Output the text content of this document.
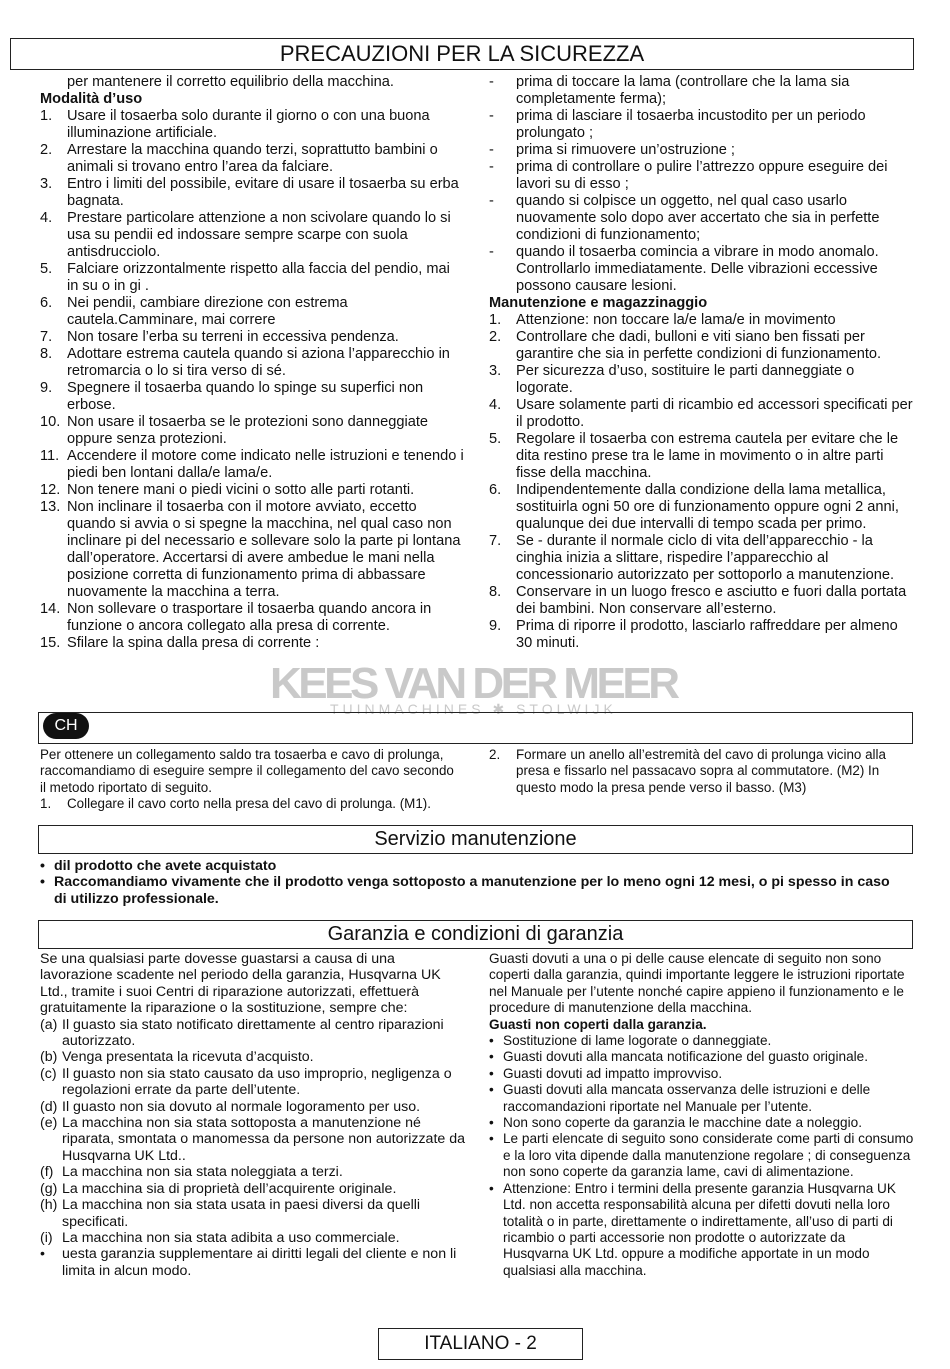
PRECAUZIONI PER LA SICUREZZA

per mantenere il corretto equilibrio della macchina.

Modalità d’uso

1.	Usare il tosaerba solo durante il giorno o con una buona illuminazione artificiale.
2.	Arrestare la macchina quando terzi, soprattutto bambini o animali si trovano entro l’area da falciare.
3.	Entro i limiti del possibile, evitare di usare il tosaerba su erba bagnata.
4.	Prestare particolare attenzione a non scivolare quando lo si usa su pendii ed indossare sempre scarpe con suola antisdrucciolo.
5.	Falciare orizzontalmente rispetto alla faccia del pendio, mai in su o in gi .
6.	Nei pendii, cambiare direzione con estrema cautela.Camminare, mai correre
7.	Non tosare l’erba su terreni in eccessiva pendenza.
8.	Adottare estrema cautela quando si aziona l’apparecchio in retromarcia o lo si tira verso di sé.
9.	Spegnere il tosaerba quando lo spinge su superfici non erbose.
10. Non usare il tosaerba se le protezioni sono danneggiate oppure senza protezioni.
11. Accendere il motore come indicato nelle istruzioni e tenendo i piedi ben lontani dalla/e lama/e.
12. Non tenere mani o piedi vicini o sotto alle parti rotanti.
13. Non inclinare il tosaerba con il motore avviato, eccetto quando si avvia o si spegne la macchina, nel qual caso non inclinare pi del necessario e sollevare solo la parte pi lontana dall’operatore. Accertarsi di avere ambedue le mani nella posizione corretta di funzionamento prima di abbassare nuovamente la macchina a terra.
14. Non sollevare o trasportare il tosaerba quando ancora in funzione o ancora collegato alla presa di corrente.
15. Sfilare la spina dalla presa di corrente :
-	prima di toccare la lama (controllare che la lama sia completamente ferma);
-	prima di lasciare il tosaerba incustodito per un periodo prolungato ;
-	prima si rimuovere un’ostruzione ;
-	prima di controllare o pulire l’attrezzo oppure eseguire dei lavori su di esso ;
-	quando si colpisce un oggetto, nel qual caso usarlo nuovamente solo dopo aver accertato che sia in perfette condizioni di funzionamento;
-	quando il tosaerba comincia a vibrare in modo anomalo. Controllarlo immediatamente. Delle vibrazioni eccessive possono causare lesioni.

Manutenzione e magazzinaggio

1.	Attenzione: non toccare la/e lama/e in movimento
2.	Controllare che dadi, bulloni e viti siano ben fissati per garantire che sia in perfette condizioni di funzionamento.
3.	Per sicurezza d’uso, sostituire le parti danneggiate o logorate.
4.	Usare solamente parti di ricambio ed accessori specificati per il prodotto.
5.	Regolare il tosaerba con estrema cautela per evitare che le dita restino prese tra le lame in movimento o in altre parti fisse della macchina.
6.	Indipendentemente dalla condizione della lama metallica, sostituirla ogni 50 ore di funzionamento oppure ogni 2 anni, qualunque dei due intervalli di tempo scada per primo.
7.	Se - durante il normale ciclo di vita dell’apparecchio - la cinghia inizia a slittare, rispedire l’apparecchio al concessionario autorizzato per sottoporlo a manutenzione.
8.	Conservare in un luogo fresco e asciutto e fuori dalla portata dei bambini. Non conservare all’esterno.
9.	Prima di riporre il prodotto, lasciarlo raffreddare per almeno 30 minuti.
KEES VAN DER MEER
TUINMACHINES ✱ STOLWIJK
CH

Per ottenere un collegamento saldo tra tosaerba e cavo di prolunga, raccomandiamo di eseguire sempre il collegamento del cavo secondo il metodo riportato di seguito.

1.	Collegare il cavo corto nella presa del cavo di prolunga. (M1).
2.	Formare un anello all’estremità del cavo di prolunga vicino alla presa e fissarlo nel passacavo sopra al commutatore. (M2) In questo modo la presa pende verso il basso. (M3)
Servizio manutenzione
• dil prodotto che avete acquistato
• Raccomandiamo vivamente che il prodotto venga sottoposto a manutenzione per lo meno ogni 12 mesi, o pi spesso in caso di utilizzo professionale.
Garanzia e condizioni di garanzia

Se una qualsiasi parte dovesse guastarsi a causa di una lavorazione scadente nel periodo della garanzia, Husqvarna UK Ltd., tramite i suoi Centri di riparazione autorizzati, effettuerà gratuitamente la riparazione o la sostituzione, sempre che:

(a) Il guasto sia stato notificato direttamente al centro riparazioni autorizzato.
(b) Venga presentata la ricevuta d’acquisto.
(c) Il guasto non sia stato causato da uso improprio, negligenza o regolazioni errate da parte dell’utente.
(d) Il guasto non sia dovuto al normale logoramento per uso.
(e) La macchina non sia stata sottoposta a manutenzione né riparata, smontata o manomessa da persone non autorizzate da Husqvarna UK Ltd..
(f) La macchina non sia stata noleggiata a terzi.
(g) La macchina sia di proprietà dell’acquirente originale.
(h) La macchina non sia stata usata in paesi diversi da quelli specificati.
(i) La macchina non sia stata adibita a uso commerciale.
•	uesta garanzia supplementare ai diritti legali del cliente e non li limita in alcun modo.

Guasti dovuti a una o pi delle cause elencate di seguito non sono coperti dalla garanzia, quindi importante leggere le istruzioni riportate nel Manuale per l’utente nonché capire appieno il funzionamento e le procedure di manutenzione della macchina.

Guasti non coperti dalla garanzia.

• Sostituzione di lame logorate o danneggiate.
• Guasti dovuti alla mancata notificazione del guasto originale.
• Guasti dovuti ad impatto improvviso.
• Guasti dovuti alla mancata osservanza delle istruzioni e delle raccomandazioni riportate nel Manuale per l’utente.
• Non sono coperte da garanzia le macchine date a noleggio.
• Le parti elencate di seguito sono considerate come parti di consumo e la loro vita dipende dalla manutenzione regolare ; di conseguenza non sono coperte da garanzia lame, cavi di alimentazione.
• Attenzione: Entro i termini della presente garanzia Husqvarna UK Ltd. non accetta responsabilità alcuna per difetti dovuti nella loro totalità o in parte, direttamente o indirettamente, all’uso di parti di ricambio o parti accessorie non prodotte o autorizzate da Husqvarna UK Ltd. oppure a modifiche apportate in un modo qualsiasi alla macchina.
ITALIANO - 2
